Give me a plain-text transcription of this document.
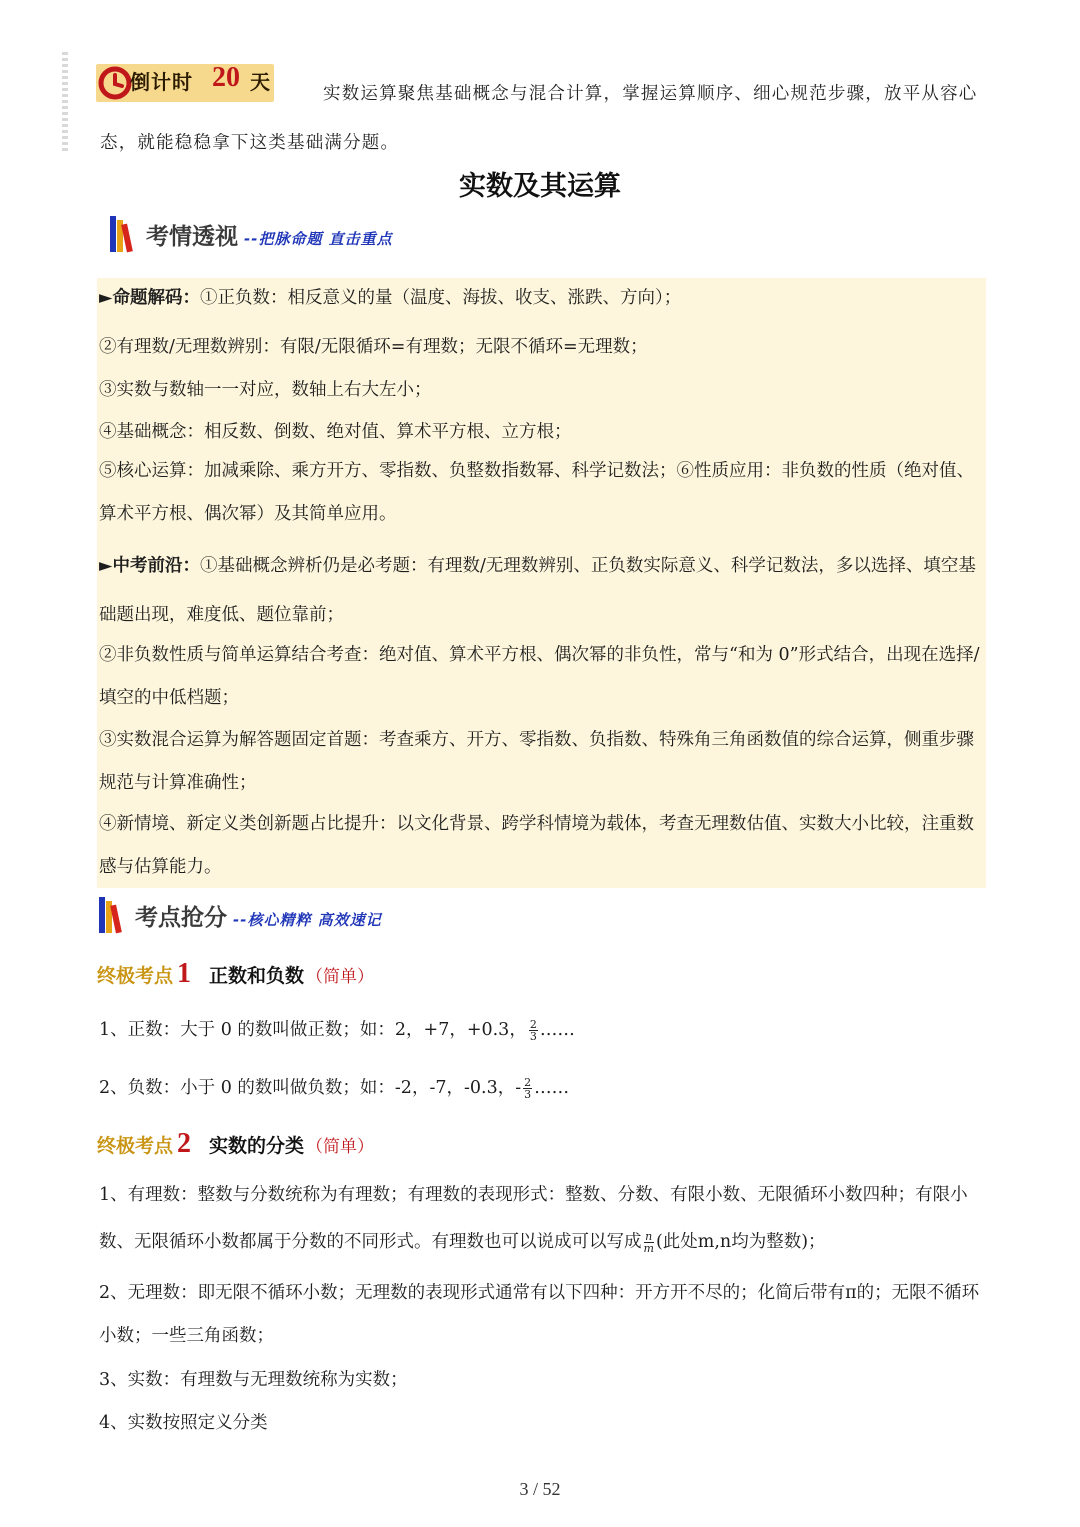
倒计时 20 天	实数运算聚焦基础概念与混合计算，掌握运算顺序、细心规范步骤，放平从容心态，就能稳稳拿下这类基础满分题。
实数及其运算
考情透视 --把脉命题 直击重点
►命题解码：①正负数：相反意义的量（温度、海拔、收支、涨跌、方向）；
②有理数/无理数辨别：有限/无限循环=有理数；无限不循环=无理数；
③实数与数轴一一对应，数轴上右大左小；
④基础概念：相反数、倒数、绝对值、算术平方根、立方根；
⑤核心运算：加减乘除、乘方开方、零指数、负整数指数幂、科学记数法；⑥性质应用：非负数的性质（绝对值、算术平方根、偶次幂）及其简单应用。
►中考前沿：①基础概念辨析仍是必考题：有理数/无理数辨别、正负数实际意义、科学记数法，多以选择、填空基础题出现，难度低、题位靠前；
②非负数性质与简单运算结合考查：绝对值、算术平方根、偶次幂的非负性，常与“和为 0”形式结合，出现在选择/填空的中低档题；
③实数混合运算为解答题固定首题：考查乘方、开方、零指数、负指数、特殊角三角函数值的综合运算，侧重步骤规范与计算准确性；
④新情境、新定义类创新题占比提升：以文化背景、跨学科情境为载体，考查无理数估值、实数大小比较，注重数感与估算能力。
考点抢分 --核心精粹 高效速记
终极考点 1 正数和负数 （简单）
1、正数：大于 0 的数叫做正数；如：2，+7，+0.3， $\frac{2}{3}$ ……
2、负数：小于 0 的数叫做负数；如：-2，-7，-0.3，- $\frac{2}{3}$ ……
终极考点 2 实数的分类 （简单）
1、有理数：整数与分数统称为有理数；有理数的表现形式：整数、分数、有限小数、无限循环小数四种；有限小数、无限循环小数都属于分数的不同形式。有理数也可以说成可以写成 $\frac{n}{m}$ (此处m,n均为整数)；
2、无理数：即无限不循环小数；无理数的表现形式通常有以下四种：开方开不尽的；化简后带有π的；无限不循环小数；一些三角函数；
3、实数：有理数与无理数统称为实数；
4、实数按照定义分类
3 / 52
